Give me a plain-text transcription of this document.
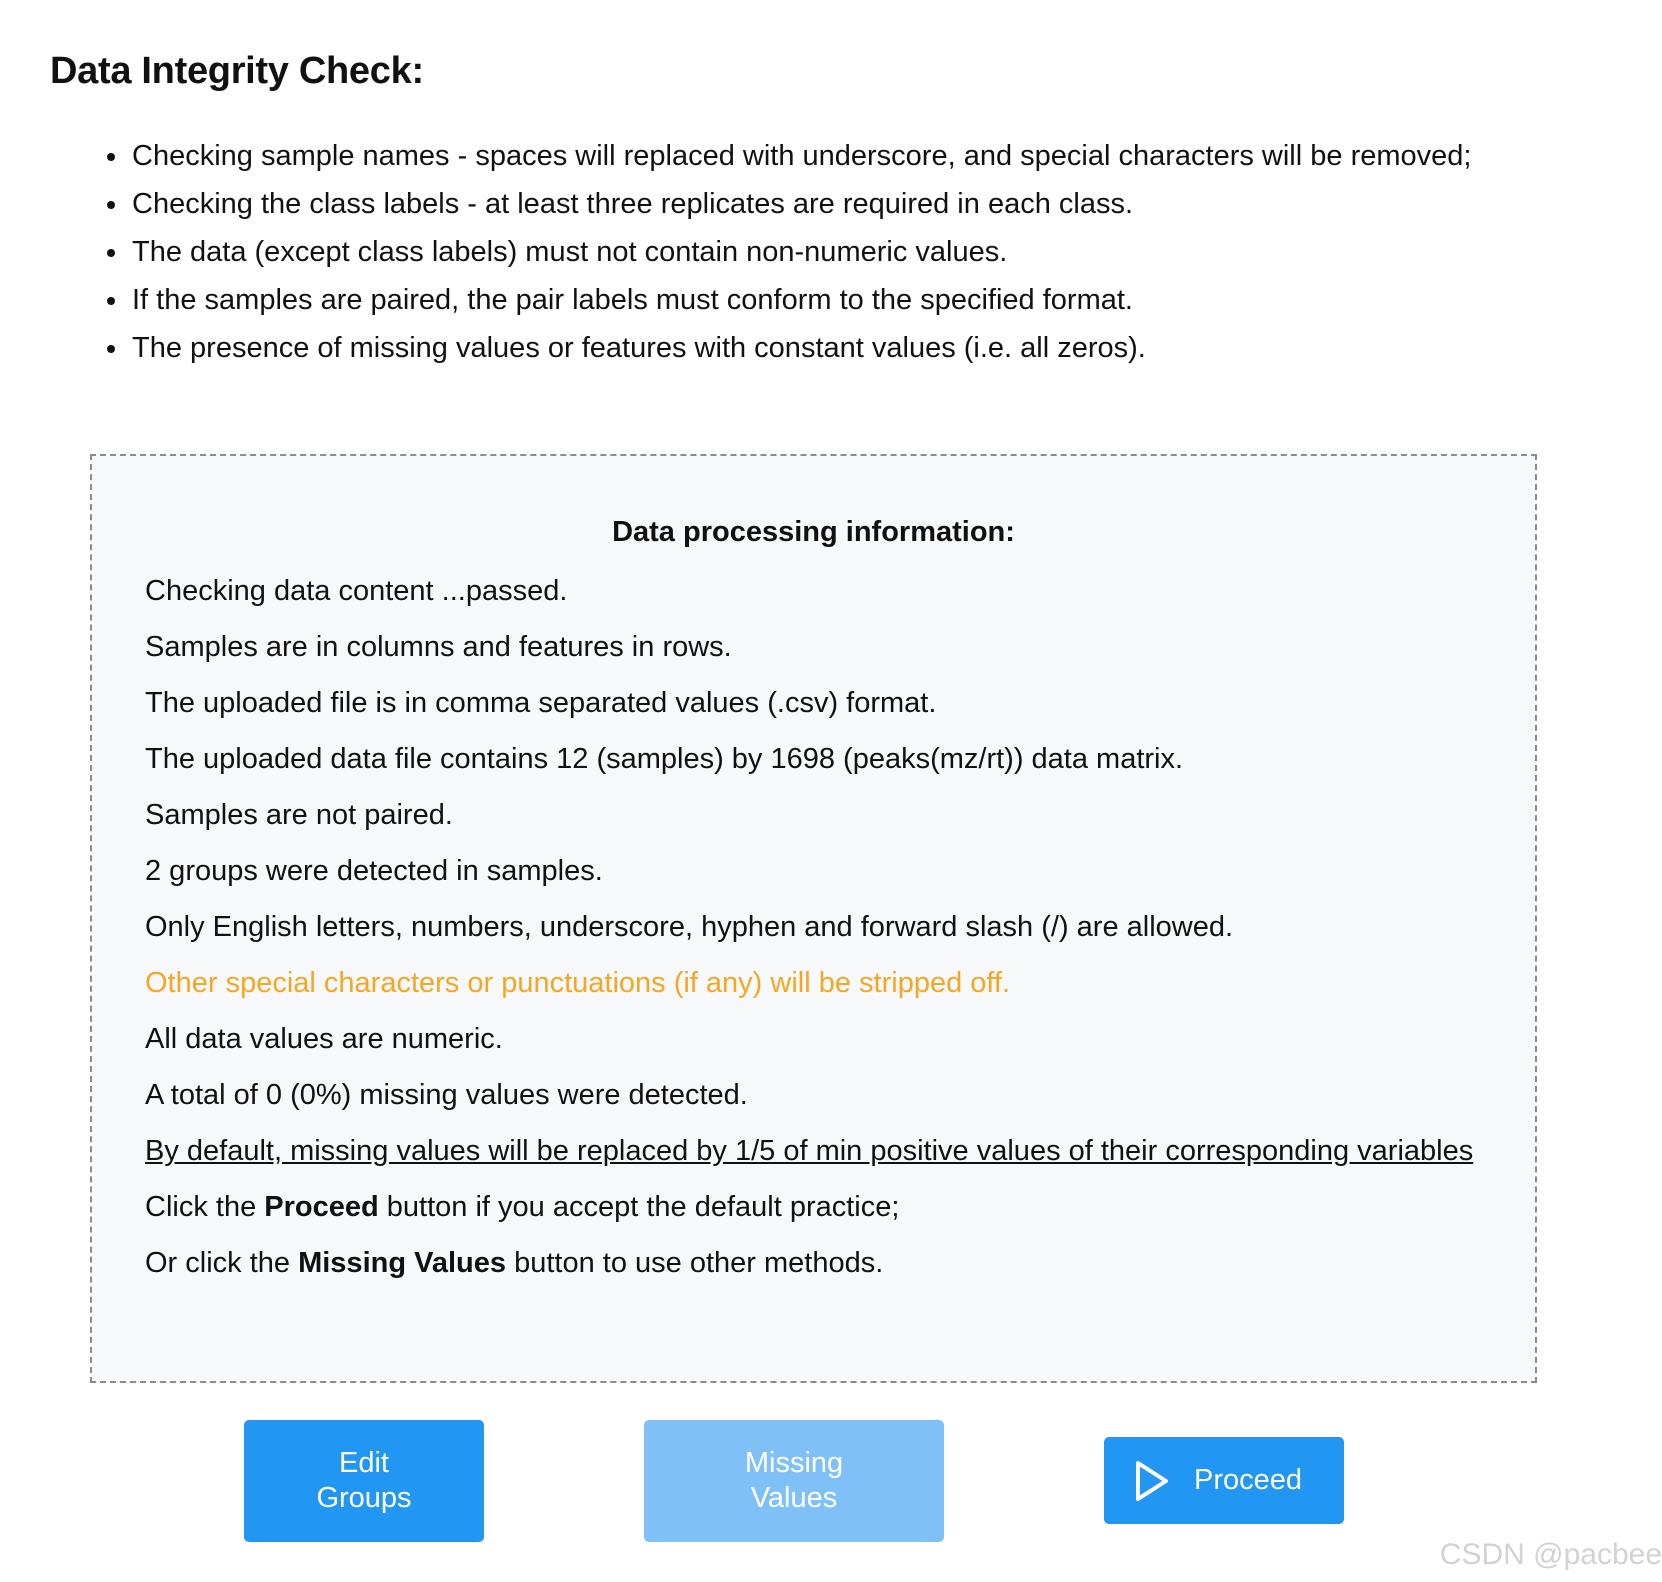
Data Integrity Check:
• Checking sample names - spaces will replaced with underscore, and special characters will be removed;
• Checking the class labels - at least three replicates are required in each class.
• The data (except class labels) must not contain non-numeric values.
• If the samples are paired, the pair labels must conform to the specified format.
• The presence of missing values or features with constant values (i.e. all zeros).

Data processing information:

Checking data content ...passed.

Samples are in columns and features in rows.

The uploaded file is in comma separated values (.csv) format.

The uploaded data file contains 12 (samples) by 1698 (peaks(mz/rt)) data matrix.

Samples are not paired.

2 groups were detected in samples.

Only English letters, numbers, underscore, hyphen and forward slash (/) are allowed.

Other special characters or punctuations (if any) will be stripped off.

All data values are numeric.

A total of 0 (0%) missing values were detected.

By default, missing values will be replaced by 1/5 of min positive values of their corresponding variables

Click the Proceed button if you accept the default practice;

Or click the Missing Values button to use other methods.

Edit Groups
Missing Values
Proceed
CSDN @pacbee
